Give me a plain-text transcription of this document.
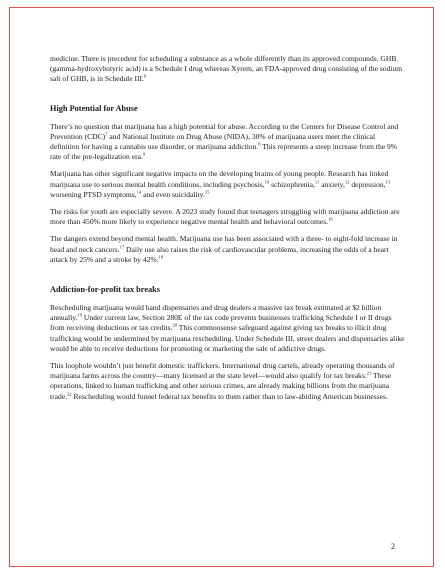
medicine. There is precedent for scheduling a substance as a whole differently than its approved compounds. GHB (gamma-hydroxybutyric acid) is a Schedule I drug whereas Xyrem, an FDA-approved drug consisting of the sodium salt of GHB, is in Schedule III.$^6$

High Potential for Abuse

There’s no question that marijuana has a high potential for abuse. According to the Centers for Disease Control and Prevention (CDC)$^7$ and National Institute on Drug Abuse (NIDA), 30% of marijuana users meet the clinical definition for having a cannabis use disorder, or marijuana addiction.$^8$ This represents a steep increase from the 9% rate of the pre-legalization era.$^9$

Marijuana has other significant negative impacts on the developing brains of young people. Research has linked marijuana use to serious mental health conditions, including psychosis,$^{10}$ schizophrenia,$^{11}$ anxiety,$^{12}$ depression,$^{13}$ worsening PTSD symptoms,$^{14}$ and even suicidality.$^{15}$

The risks for youth are especially severe. A 2023 study found that teenagers struggling with marijuana addiction are more than 450% more likely to experience negative mental health and behavioral outcomes.$^{16}$

The dangers extend beyond mental health. Marijuana use has been associated with a three- to eight-fold increase in head and neck cancers.$^{17}$ Daily use also raises the risk of cardiovascular problems, increasing the odds of a heart attack by 25% and a stroke by 42%.$^{18}$

Addiction-for-profit tax breaks

Rescheduling marijuana would hand dispensaries and drug dealers a massive tax break estimated at $2 billion annually.$^{19}$ Under current law, Section 280E of the tax code prevents businesses trafficking Schedule I or II drugs from receiving deductions or tax credits.$^{20}$ This commonsense safeguard against giving tax breaks to illicit drug trafficking would be undermined by marijuana rescheduling. Under Schedule III, street dealers and dispensaries alike would be able to receive deductions for promoting or marketing the sale of addictive drugs.

This loophole wouldn’t just benefit domestic traffickers. International drug cartels, already operating thousands of marijuana farms across the country—many licensed at the state level—would also qualify for tax breaks.$^{21}$ These operations, linked to human trafficking and other serious crimes, are already making billions from the marijuana trade.$^{22}$ Rescheduling would funnel federal tax benefits to them rather than to law-abiding American businesses.

2
